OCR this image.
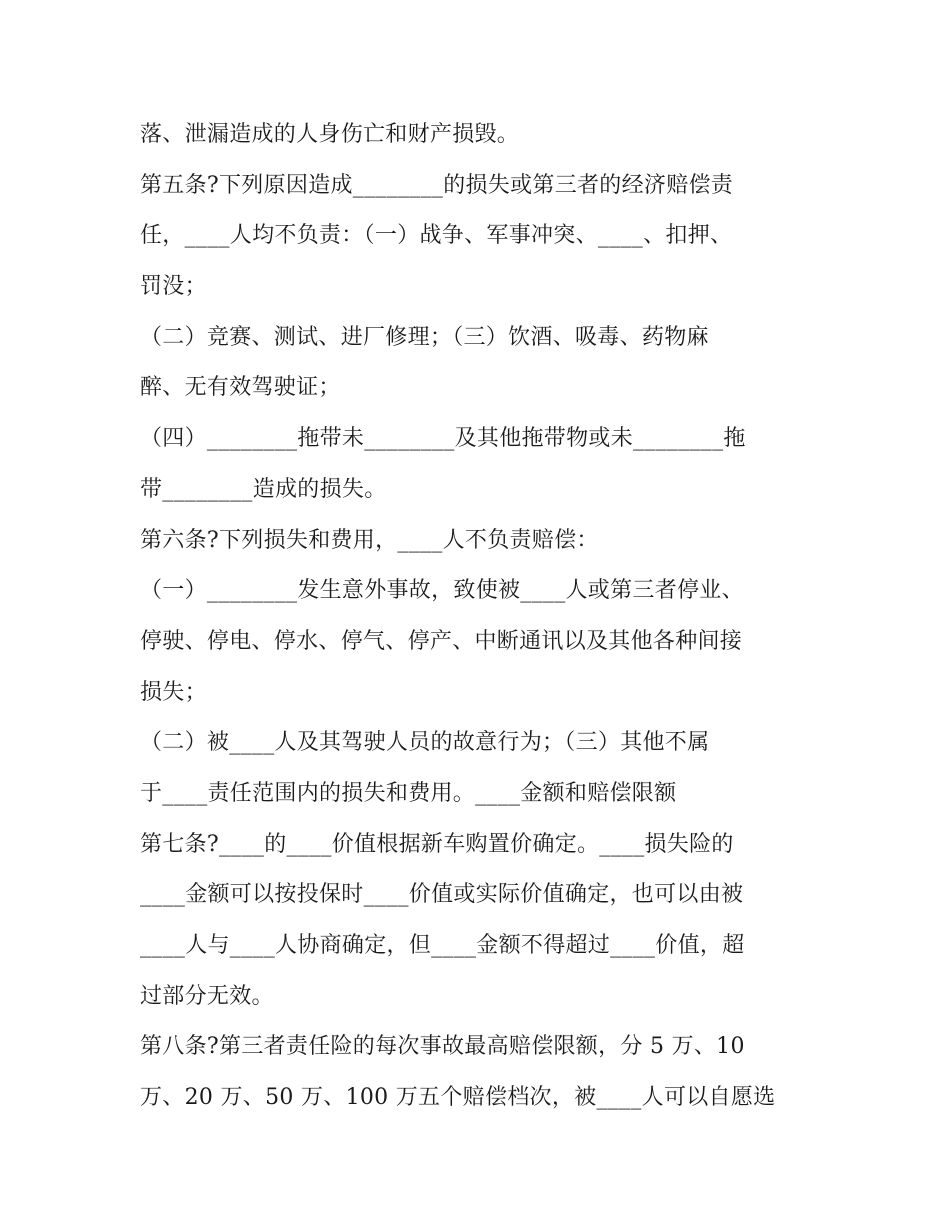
落、泄漏造成的人身伤亡和财产损毁。
第五条?下列原因造成________的损失或第三者的经济赔偿责
任，____人均不负责：（一）战争、军事冲突、____、扣押、
罚没；
（二）竞赛、测试、进厂修理；（三）饮酒、吸毒、药物麻
醉、无有效驾驶证；
（四）________拖带未________及其他拖带物或未________拖
带________造成的损失。
第六条?下列损失和费用，____人不负责赔偿：
（一）________发生意外事故，致使被____人或第三者停业、
停驶、停电、停水、停气、停产、中断通讯以及其他各种间接
损失；
（二）被____人及其驾驶人员的故意行为；（三）其他不属
于____责任范围内的损失和费用。____金额和赔偿限额
第七条?____的____价值根据新车购置价确定。____损失险的
____金额可以按投保时____价值或实际价值确定，也可以由被
____人与____人协商确定，但____金额不得超过____价值，超
过部分无效。
第八条?第三者责任险的每次事故最高赔偿限额，分 5 万、10
万、20 万、50 万、100 万五个赔偿档次，被____人可以自愿选
